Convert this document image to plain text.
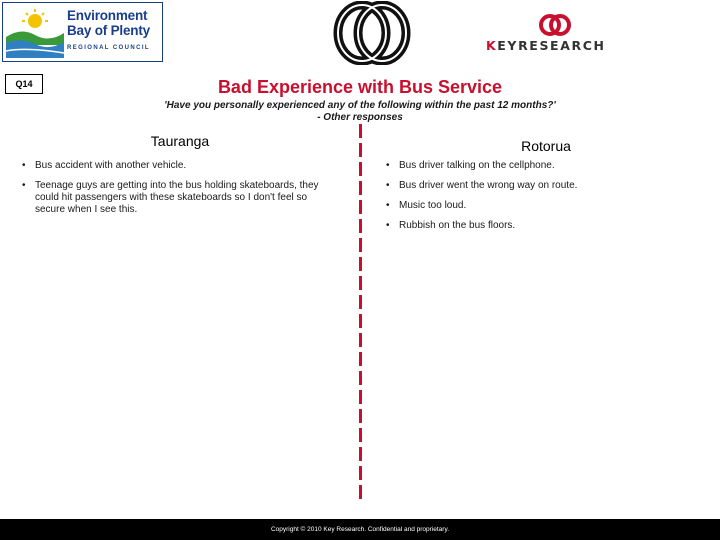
Environment
Bay of Plenty
REGIONAL COUNCIL	KEYRESEARCH
Q14	Bad Experience with Bus Service
'Have you personally experienced any of the following within the past 12 months?'
- Other responses
Tauranga	Rotorua
• Bus accident with another vehicle.
• Teenage guys are getting into the bus holding skateboards, they could hit passengers with these skateboards so I don't feel so secure when I see this.
• Bus driver talking on the cellphone.
• Bus driver went the wrong way on route.
• Music too loud.
• Rubbish on the bus floors.
Copyright © 2010 Key Research. Confidential and proprietary.
